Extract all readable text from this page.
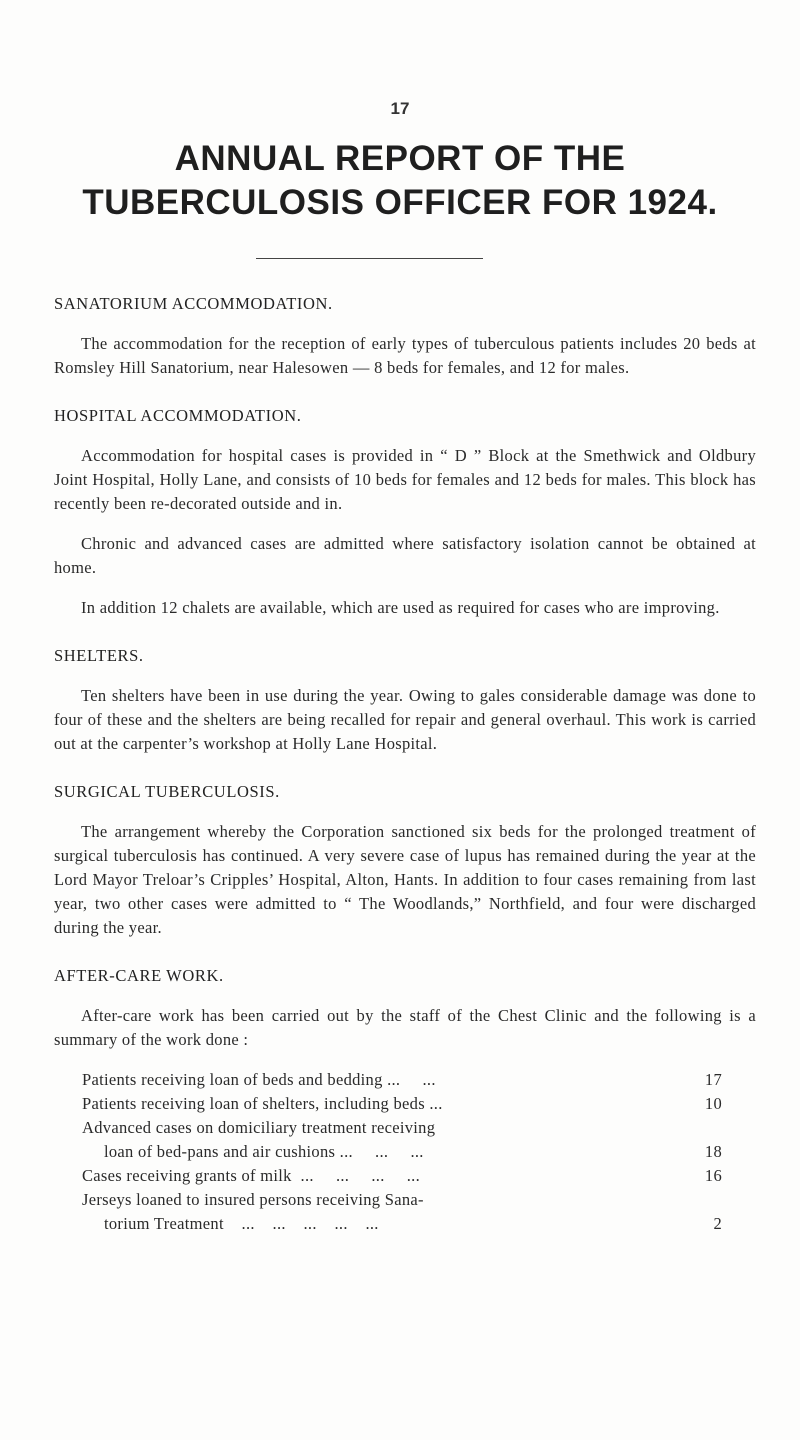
17
ANNUAL REPORT OF THE
TUBERCULOSIS OFFICER FOR 1924.
SANATORIUM ACCOMMODATION.

The accommodation for the reception of early types of tuberculous patients includes 20 beds at Romsley Hill Sanatorium, near Halesowen — 8 beds for females, and 12 for males.

HOSPITAL ACCOMMODATION.

Accommodation for hospital cases is provided in “ D ” Block at the Smethwick and Oldbury Joint Hospital, Holly Lane, and consists of 10 beds for females and 12 beds for males. This block has recently been re-decorated outside and in.

Chronic and advanced cases are admitted where satisfactory isolation cannot be obtained at home.

In addition 12 chalets are available, which are used as required for cases who are improving.

SHELTERS.

Ten shelters have been in use during the year. Owing to gales considerable damage was done to four of these and the shelters are being recalled for repair and general overhaul. This work is carried out at the carpenter’s workshop at Holly Lane Hospital.

SURGICAL TUBERCULOSIS.

The arrangement whereby the Corporation sanctioned six beds for the prolonged treatment of surgical tuberculosis has continued. A very severe case of lupus has remained during the year at the Lord Mayor Treloar’s Cripples’ Hospital, Alton, Hants. In addition to four cases remaining from last year, two other cases were admitted to “ The Woodlands,” Northfield, and four were discharged during the year.

AFTER-CARE WORK.

After-care work has been carried out by the staff of the Chest Clinic and the following is a summary of the work done :

Patients receiving loan of beds and bedding ...     ...	17
Patients receiving loan of shelters, including beds ...	10
Advanced cases on domiciliary treatment receiving
loan of bed-pans and air cushions ...     ...     ...	18
Cases receiving grants of milk  ...     ...     ...     ...	16
Jerseys loaned to insured persons receiving Sana-
torium Treatment    ...    ...    ...    ...    ...	2
